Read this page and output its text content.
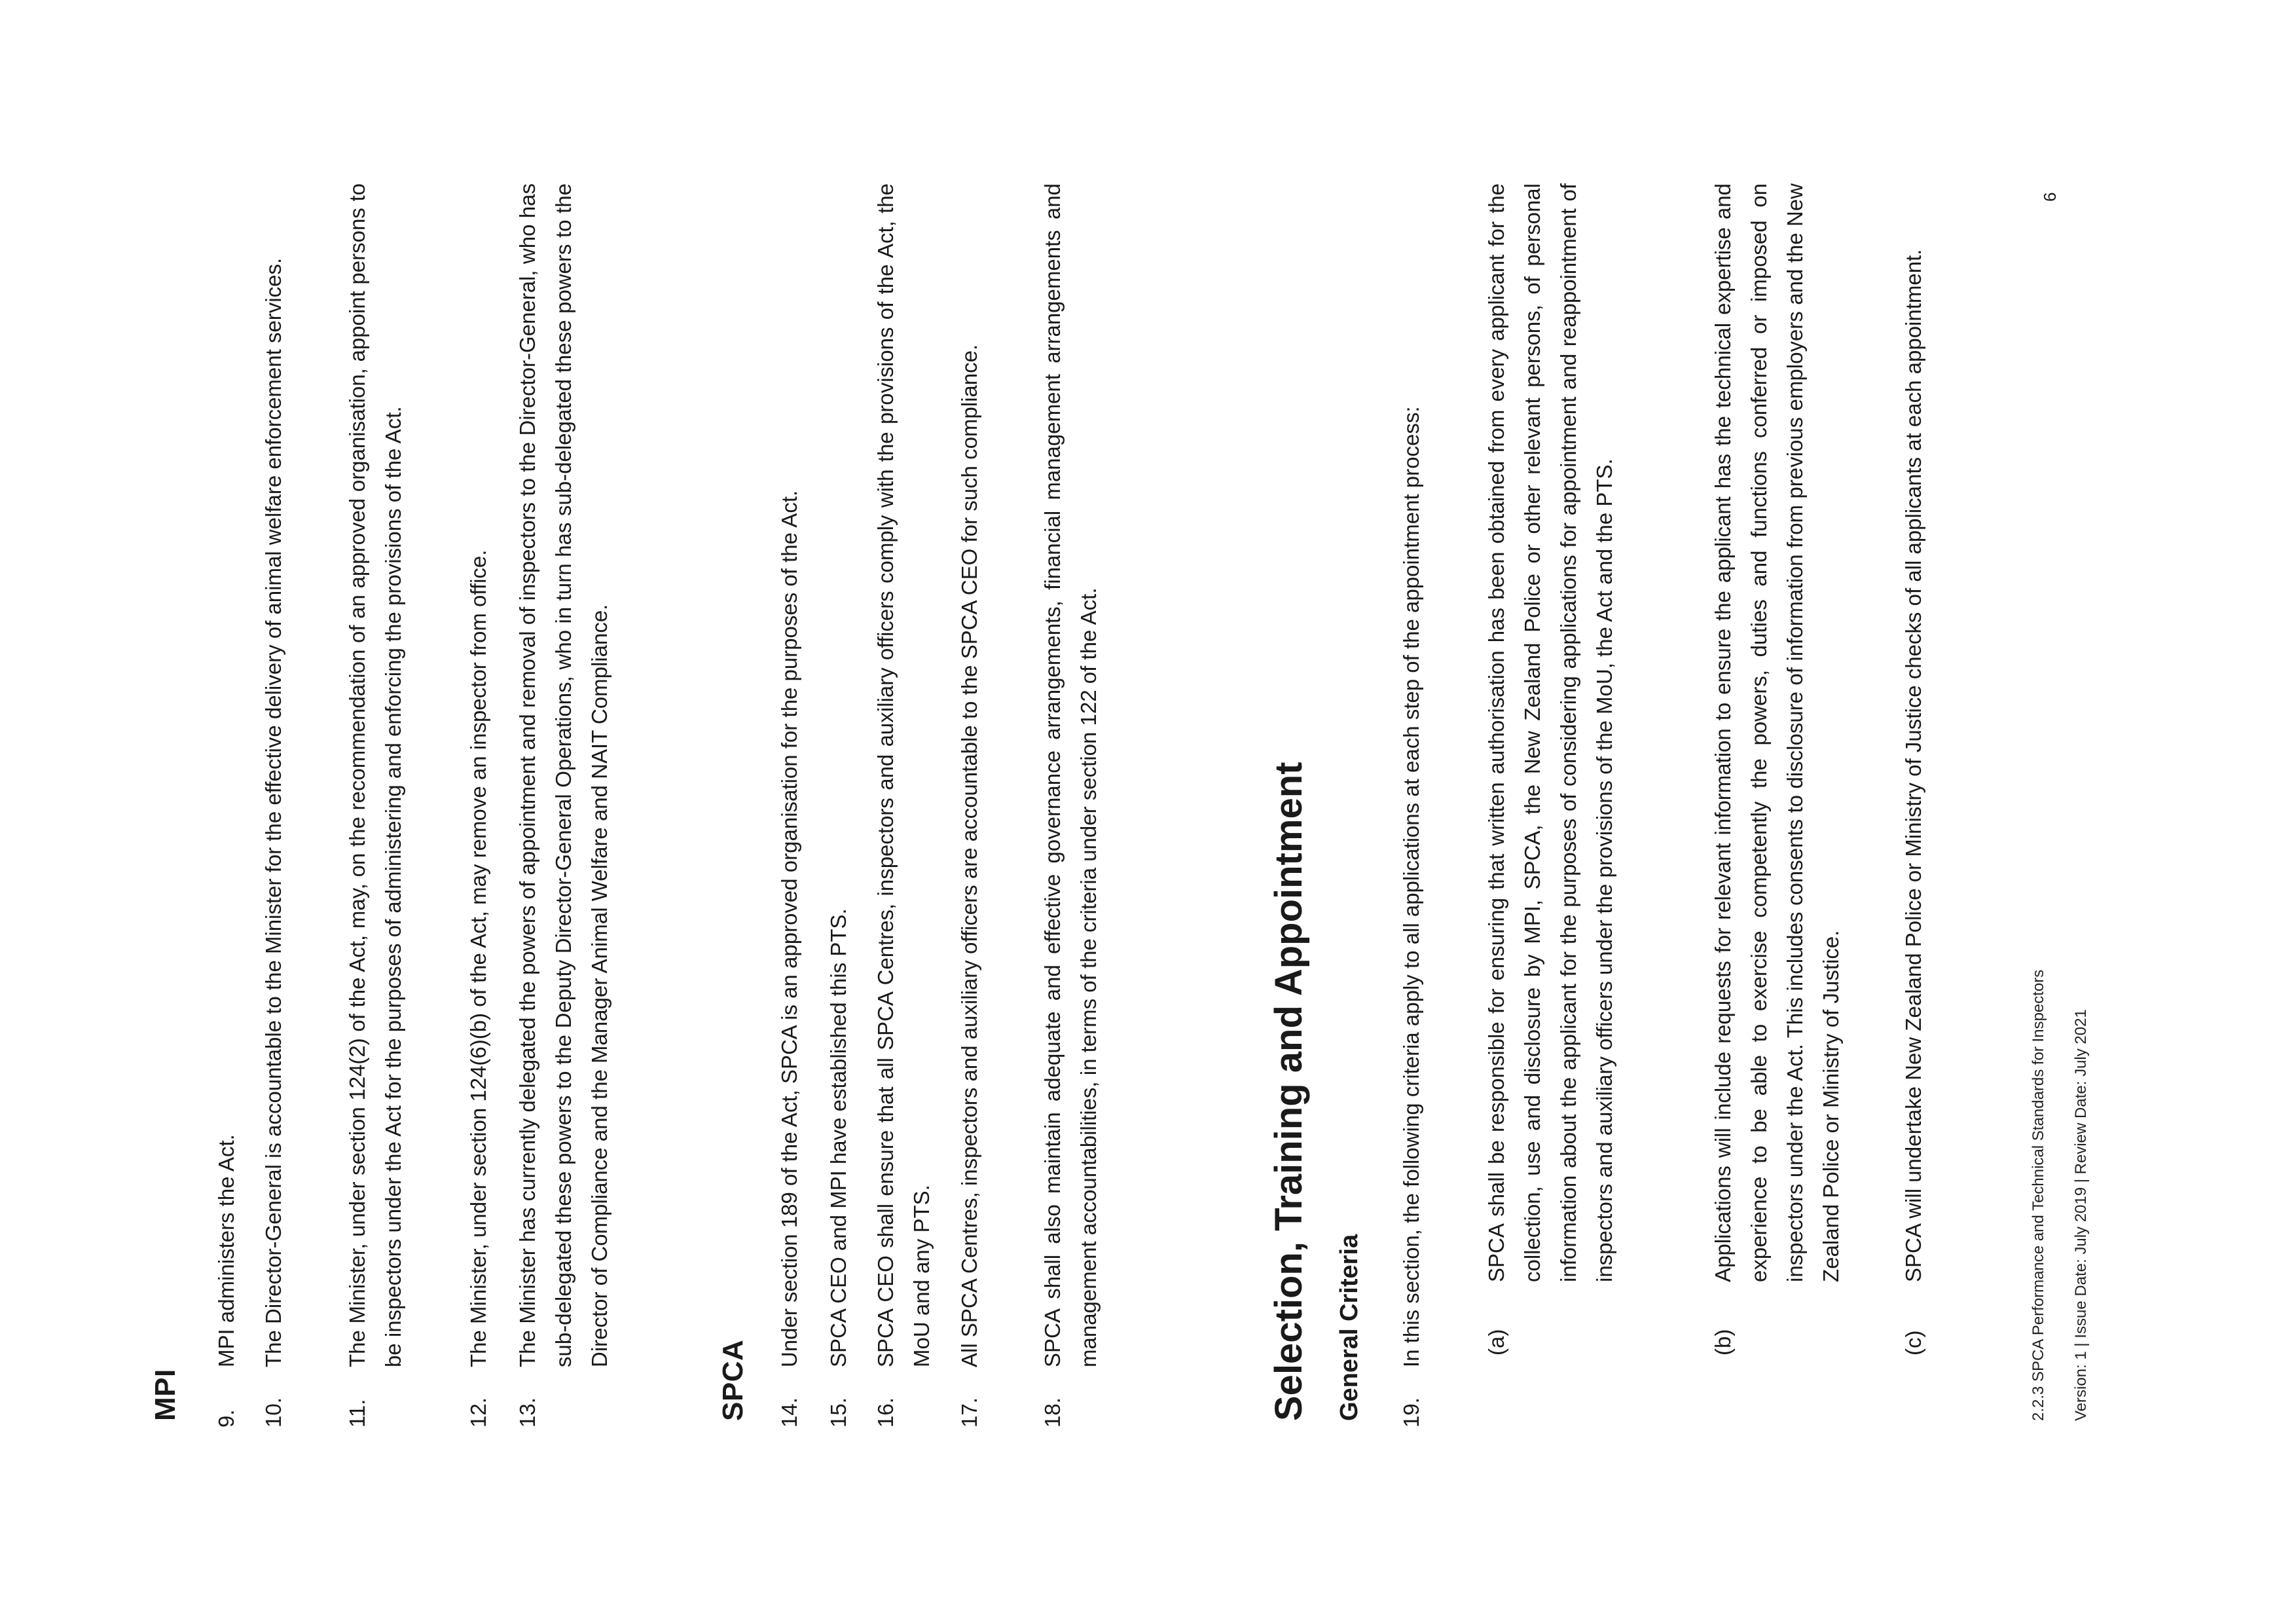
MPI 9.
MPI administers the Act.
10.
The Director-General is accountable to the Minister for the effective delivery of animal welfare enforcement services.
11.
The Minister, under section 124(2) of the Act, may, on the recommendation of an approved organisation, appoint persons to be inspectors under the Act for the purposes of administering and enforcing the provisions of the Act.
12.
The Minister, under section 124(6)(b) of the Act, may remove an inspector from office.
13.
The Minister has currently delegated the powers of appointment and removal of inspectors to the Director-General, who has sub-delegated these powers to the Deputy Director-General Operations, who in turn has sub-delegated these powers to the Director of Compliance and the Manager Animal Welfare and NAIT Compliance.
SPCA 14.
Under section 189 of the Act, SPCA is an approved organisation for the purposes of the Act.
15.
SPCA CEO and MPI have established this PTS.
16.
SPCA CEO shall ensure that all SPCA Centres, inspectors and auxiliary officers comply with the provisions of the Act, the MoU and any PTS.
17.
All SPCA Centres, inspectors and auxiliary officers are accountable to the SPCA CEO for such compliance.
18.
SPCA shall also maintain adequate and effective governance arrangements, financial management arrangements and management accountabilities, in terms of the criteria under section 122 of the Act.	Selection, Training and Appointment General Criteria 19.
In this section, the following criteria apply to all applications at each step of the appointment process:	(a)
SPCA shall be responsible for ensuring that written authorisation has been obtained from every applicant for the collection, use and disclosure by MPI, SPCA, the New Zealand Police or other relevant persons, of personal information about the applicant for the purposes of considering applications for appointment and reappointment of inspectors and auxiliary officers under the provisions of the MoU, the Act and the PTS.
(b)
Applications will include requests for relevant information to ensure the applicant has the technical expertise and experience to be able to exercise competently the powers, duties and functions conferred or imposed on inspectors under the Act. This includes consents to disclosure of information from previous employers and the New Zealand Police or Ministry of Justice.
(c)
SPCA will undertake New Zealand Police or Ministry of Justice checks of all applicants at each appointment.	2.2.3 SPCA Performance and Technical Standards for Inspectors Version: 1 | Issue Date: July 2019 | Review Date: July 2021
6
